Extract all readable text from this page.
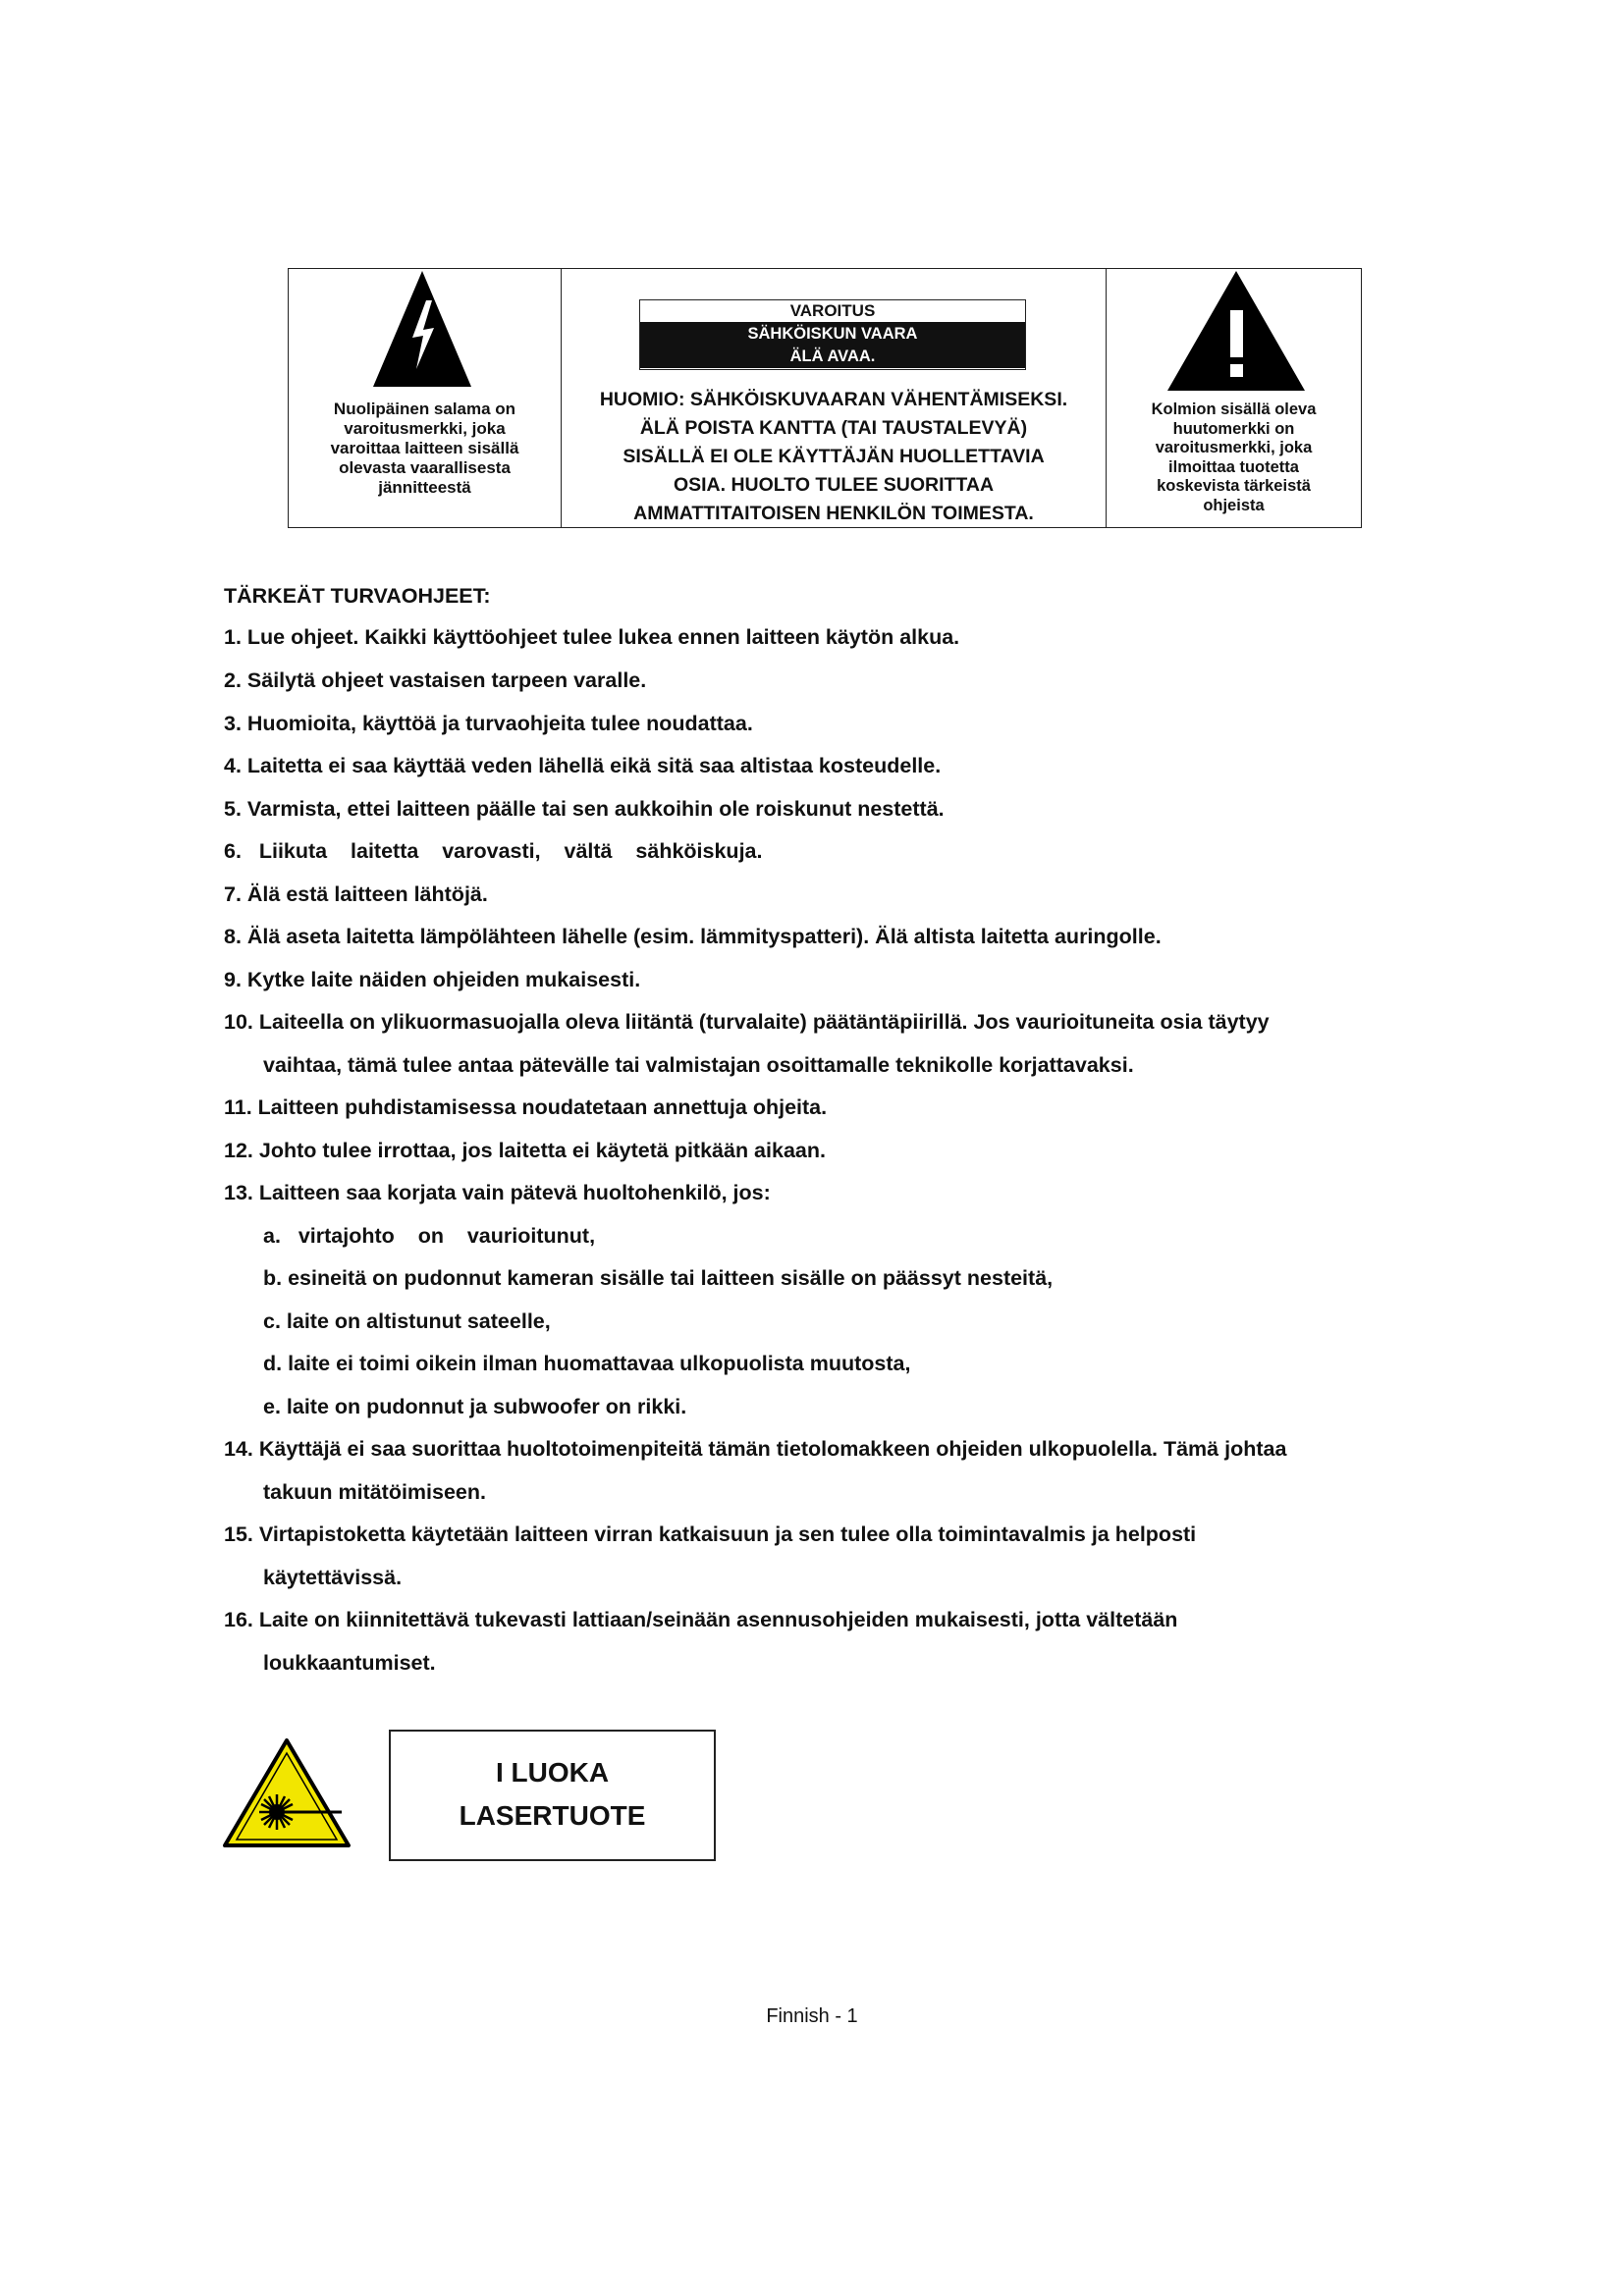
Nuolipäinen salama on
varoitusmerkki, joka
varoittaa laitteen sisällä
olevasta vaarallisesta
jännitteestä
VAROITUS
SÄHKÖISKUN VAARA
ÄLÄ AVAA.
HUOMIO: SÄHKÖISKUVAARAN VÄHENTÄMISEKSI.
ÄLÄ POISTA KANTTA (TAI TAUSTALEVYÄ)
SISÄLLÄ EI OLE KÄYTTÄJÄN HUOLLETTAVIA
OSIA. HUOLTO TULEE SUORITTAA
AMMATTITAITOISEN HENKILÖN TOIMESTA.
Kolmion sisällä oleva
huutomerkki on
varoitusmerkki, joka
ilmoittaa tuotetta
koskevista tärkeistä
ohjeista
TÄRKEÄT TURVAOHJEET:
1. Lue ohjeet. Kaikki käyttöohjeet tulee lukea ennen laitteen käytön alkua.
2. Säilytä ohjeet vastaisen tarpeen varalle.
3. Huomioita, käyttöä ja turvaohjeita tulee noudattaa.
4. Laitetta ei saa käyttää veden lähellä eikä sitä saa altistaa kosteudelle.
5. Varmista, ettei laitteen päälle tai sen aukkoihin ole roiskunut nestettä.
6.   Liikuta    laitetta    varovasti,    vältä    sähköiskuja.
7. Älä estä laitteen lähtöjä.
8. Älä aseta laitetta lämpölähteen lähelle (esim. lämmityspatteri). Älä altista laitetta auringolle.
9. Kytke laite näiden ohjeiden mukaisesti.
10. Laiteella on ylikuormasuojalla oleva liitäntä (turvalaite) päätäntäpiirillä. Jos vaurioituneita osia täytyy
vaihtaa, tämä tulee antaa pätevälle tai valmistajan osoittamalle teknikolle korjattavaksi.
11. Laitteen puhdistamisessa noudatetaan annettuja ohjeita.
12. Johto tulee irrottaa, jos laitetta ei käytetä pitkään aikaan.
13. Laitteen saa korjata vain pätevä huoltohenkilö, jos:
a.   virtajohto    on    vaurioitunut,
b. esineitä on pudonnut kameran sisälle tai laitteen sisälle on päässyt nesteitä,
c. laite on altistunut sateelle,
d. laite ei toimi oikein ilman huomattavaa ulkopuolista muutosta,
e. laite on pudonnut ja subwoofer on rikki.
14. Käyttäjä ei saa suorittaa huoltotoimenpiteitä tämän tietolomakkeen ohjeiden ulkopuolella. Tämä johtaa
takuun mitätöimiseen.
15. Virtapistoketta käytetään laitteen virran katkaisuun ja sen tulee olla toimintavalmis ja helposti
käytettävissä.
16. Laite on kiinnitettävä tukevasti lattiaan/seinään asennusohjeiden mukaisesti, jotta vältetään
loukkaantumiset.
I LUOKA
LASERTUOTE
Finnish - 1
